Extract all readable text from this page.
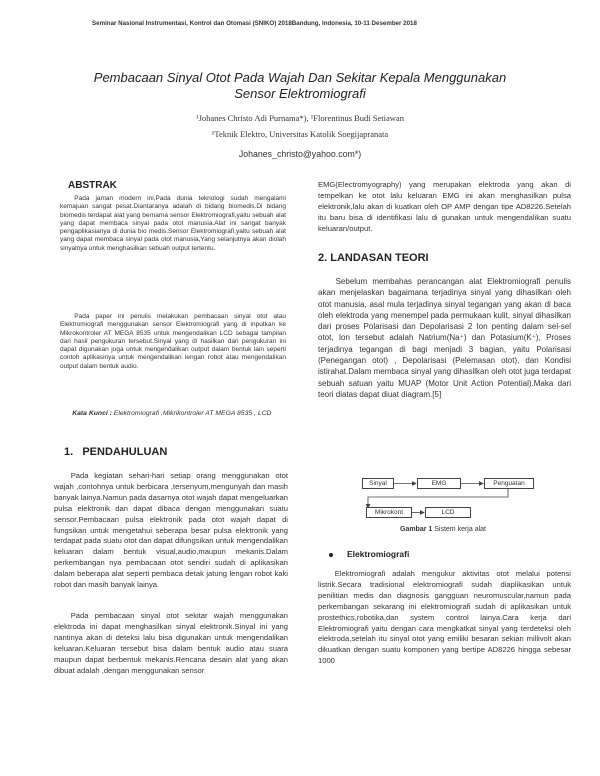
Seminar Nasional Instrumentasi, Kontrol dan Otomasi (SNIKO) 2018Bandung, Indonesia, 10-11 Desember 2018
Pembacaan Sinyal Otot Pada Wajah Dan Sekitar Kepala Menggunakan
Sensor Elektromiografi
¹Johanes Christo Adi Purnama*), ¹Florentinus Budi Setiawan
¹Teknik Elektro, Universitas Katolik Soegijapranata
Johanes_christo@yahoo.com*)
ABSTRAK
Pada jaman modern ini,Pada dunia teknologi sudah mengalami kemajuan sangat pesat.Diantaranya adalah di bidang biomedis.Di bidang biomedis terdapat alat yang bernama sensor Elektromiografi,yaitu sebuah alat yang dapat membaca sinyal pada otot manusia.Alat ini sangat banyak pengaplikasianya di dunia bio medis.Sensor Elektromiografi,yaitu sebuah alat yang dapat membaca sinyal pada otot manusia,Yang selanjutnya akan diolah sinyalnya untuk menghasilkan sebuah output tertentu.
Pada paper ini penulis melakukan pembacaan sinyal otot atau Elektromiografi menggunakan sensor Elektromiografi yang di inputkan ke Mikrokontroler AT MEGA 8535 untuk mengendalikan LCD sebagai tampilan dari hasil pengukuran tersebut.Sinyal yang di hasilkan dari pengukuran ini dapat digunakan juga untuk mengendalikan output dalam bentuk lain seperti contoh aplikasinya untuk mengendalikan lengan robot atau mengendalikan output dalam bentuk audio.
Kata Kunci : Elektromiografi ,Mikrikontroler AT MEGA 8535 , LCD
1.   PENDAHULUAN
Pada kegiatan sehari-hari setiap orang menggunakan otot wajah ,contohnya untuk berbicara ,tersenyum,mengunyah dan masih banyak lainya.Namun pada dasarnya otot wajah dapat mengeluarkan pulsa elektronik dan dapat dibaca dengan menggunakan suatu sensor.Pembacaan pulsa elektronik pada otot wajah dapat di fungsikan untuk mengetahui seberapa besar pulsa elektronik yang terdapat pada suatu otot dan dapat difungsikan untuk mengendalikan keluaran dalam bentuk visual,audio,maupun mekanis.Dalam perkembangan nya pembacaan otot sendiri sudah di aplikasikan dalam beberapa alat seperti pembaca detak jatung lengan robot kaki robot dan masih banyak lainya.
Pada pembacaan sinyal otot sekitar wajah menggunakan elektroda ini dapat menghasilkan sinyal elektronik.Sinyal ini yang nantinya akan di deteksi lalu bisa digunakan untuk mengendalikan keluaran.Keluaran tersebut bisa dalam bentuk audio atau suara maupun dapat berbentuk mekanis.Rencana desain alat yang akan dibuat adalah ,dengan menggunakan sensor
EMG(Electromyography) yang merupakan elektroda yang akan di tempelkan ke otot lalu keluaran EMG ini akan menghasilkan pulsa elektronik,lalu akan di kuatkan oleh OP AMP dengan tipe AD8226.Setelah itu baru bisa di identifikasi lalu di gunakan untuk mengendalikan suatu keluaran/output.
2. LANDASAN TEORI
Sebelum membahas perancangan alat Elektromiografi penulis akan menjelaskan bagaimana terjadinya sinyal yang dihasilkan oleh otot manusia, asal mula terjadinya sinyal tegangan yang akan di baca oleh elektroda yang menempel pada permukaan kulit, sinyal dihasilkan dari proses Polarisasi dan Depolarisasi 2 Ion penting dalam sel-sel otot, Ion tersebut adalah Natrium(Na⁺) dan Potasium(K⁺), Proses terjadinya tegangan di bagi menjadi 3 bagian, yaitu Polarisasi (Penegangan otot) , Depolarisasi (Pelemasan otot), dan Kondisi istirahat.Dalam membaca sinyal yang dihasilkan oleh otot juga terdapat sebuah satuan yaitu MUAP (Motor Unit Action Potential).Maka dari teori diatas dapat diuat diagram.[5]
Sinyal	EMG	Penguatan
Mikrokont	LCD
Gambar 1 Sistem kerja alat
Elektromiografi
Elektromiografi adalah mengukur aktivitas otot melalui potensi listrik.Secara tradisional elektromiografi sudah diaplikasikan untuk penilitian medis dan diagnosis gangguan neuromuscular,namun pada perkembangan sekarang ini elektromiografi sudah di aplikasikan untuk prostethics,robotika,dan system control lainya.Cara kerja dari Elektromiografi yaitu dengan cara mengkatkat sinyal yang terdeteksi oleh elektroda,setelah itu sinyal otot yang emiliki besaran sekian millivolt akan dikuatkan dengan suatu komponen yang bertipe AD8226 hingga sebesar 1000
